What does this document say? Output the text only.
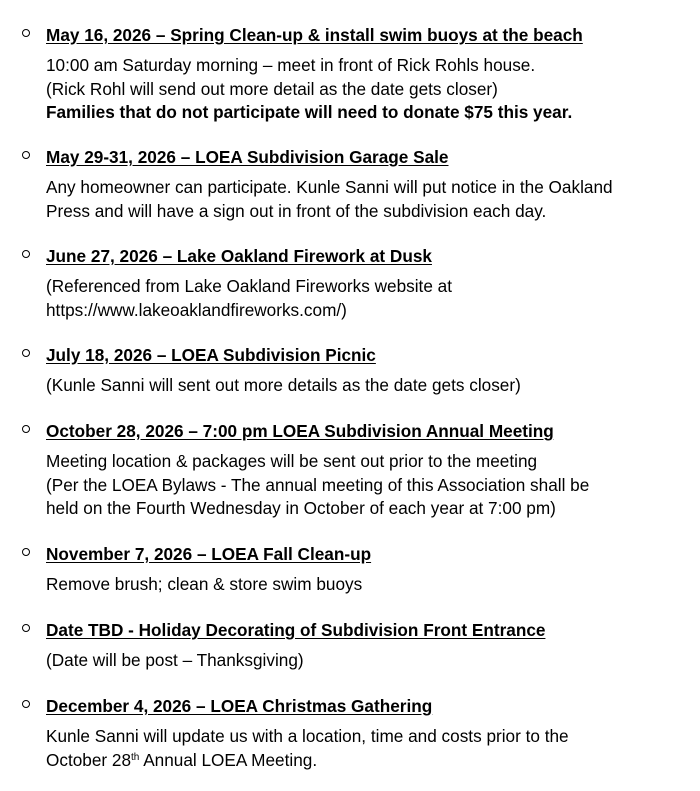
May 16, 2026 – Spring Clean-up & install swim buoys at the beach

10:00 am Saturday morning – meet in front of Rick Rohls house.

(Rick Rohl will send out more detail as the date gets closer)

Families that do not participate will need to donate $75 this year.

May 29-31, 2026 – LOEA Subdivision Garage Sale

Any homeowner can participate. Kunle Sanni will put notice in the Oakland

Press and will have a sign out in front of the subdivision each day.

June 27, 2026 – Lake Oakland Firework at Dusk

(Referenced from Lake Oakland Fireworks website at

https://www.lakeoaklandfireworks.com/)

July 18, 2026 – LOEA Subdivision Picnic

(Kunle Sanni will sent out more details as the date gets closer)

October 28, 2026 – 7:00 pm LOEA Subdivision Annual Meeting

Meeting location & packages will be sent out prior to the meeting

(Per the LOEA Bylaws - The annual meeting of this Association shall be

held on the Fourth Wednesday in October of each year at 7:00 pm)

November 7, 2026 – LOEA Fall Clean-up

Remove brush; clean & store swim buoys

Date TBD - Holiday Decorating of Subdivision Front Entrance

(Date will be post – Thanksgiving)

December 4, 2026 – LOEA Christmas Gathering

Kunle Sanni will update us with a location, time and costs prior to the

October 28th Annual LOEA Meeting.
